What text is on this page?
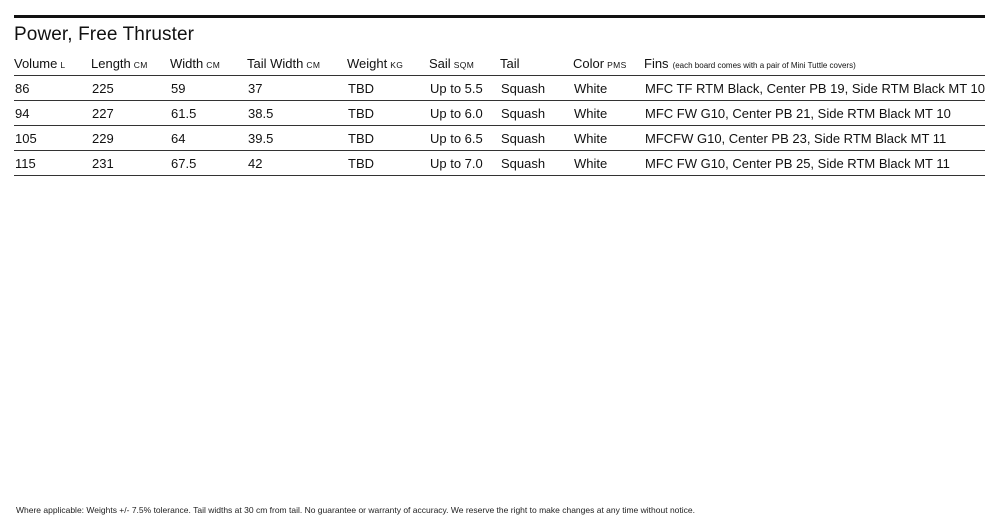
Power, Free Thruster
Volume L	Length CM	Width CM	Tail Width CM	Weight KG	Sail SQM	Tail	Color PMS	Fins (each board comes with a pair of Mini Tuttle covers)
86	225	59	37	TBD	Up to 5.5	Squash	White	MFC TF RTM Black, Center PB 19, Side RTM Black MT 10
94	227	61.5	38.5	TBD	Up to 6.0	Squash	White	MFC FW G10, Center PB 21, Side RTM Black MT 10
105	229	64	39.5	TBD	Up to 6.5	Squash	White	MFCFW G10, Center PB 23, Side RTM Black MT 11
115	231	67.5	42	TBD	Up to 7.0	Squash	White	MFC FW G10, Center PB 25, Side RTM Black MT 11
Where applicable: Weights +/- 7.5% tolerance. Tail widths at 30 cm from tail. No guarantee or warranty of accuracy. We reserve the right to make changes at any time without notice.
